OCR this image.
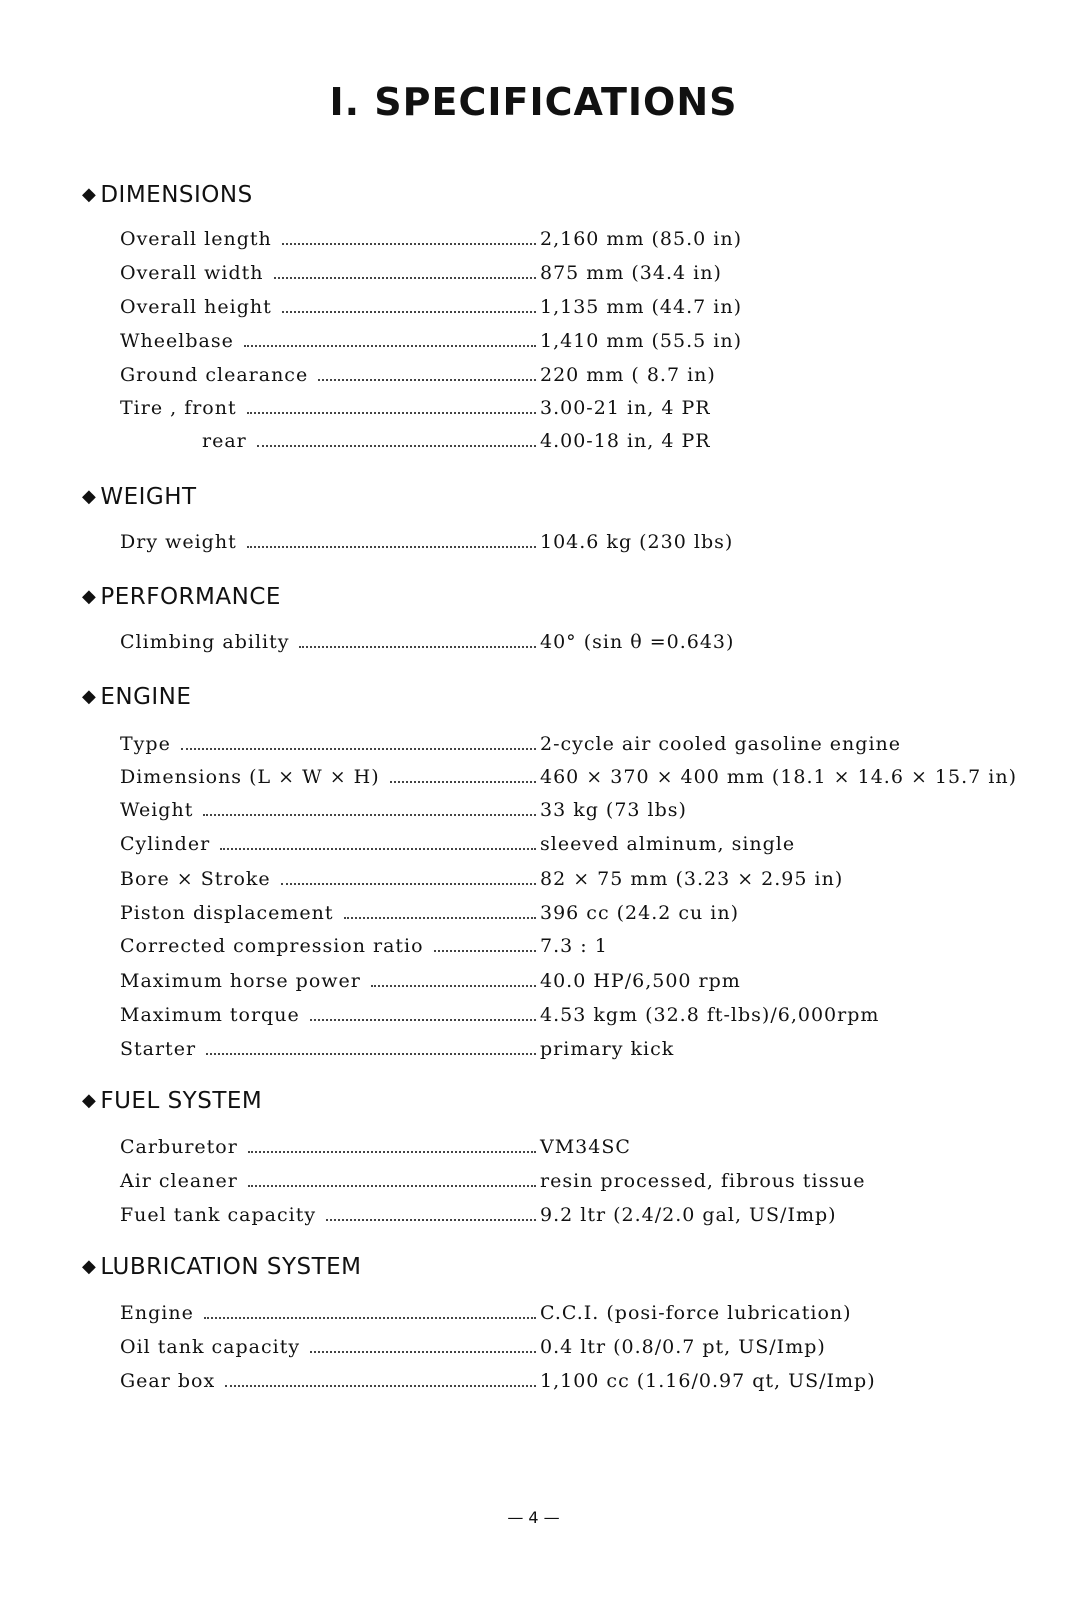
I. SPECIFICATIONS
◆ DIMENSIONS
Overall length	2,160 mm (85.0 in)
Overall width	875 mm (34.4 in)
Overall height	1,135 mm (44.7 in)
Wheelbase	1,410 mm (55.5 in)
Ground clearance	220 mm ( 8.7 in)
Tire , front	3.00-21 in, 4 PR
rear	4.00-18 in, 4 PR
◆ WEIGHT
Dry weight	104.6 kg (230 lbs)
◆ PERFORMANCE
Climbing ability	40° (sin θ =0.643)
◆ ENGINE
Type	2-cycle air cooled gasoline engine
Dimensions (L × W × H)	460 × 370 × 400 mm (18.1 × 14.6 × 15.7 in)
Weight	33 kg (73 lbs)
Cylinder	sleeved alminum, single
Bore × Stroke	82 × 75 mm (3.23 × 2.95 in)
Piston displacement	396 cc (24.2 cu in)
Corrected compression ratio	7.3 : 1
Maximum horse power	40.0 HP/6,500 rpm
Maximum torque	4.53 kgm (32.8 ft-lbs)/6,000rpm
Starter	primary kick
◆ FUEL SYSTEM
Carburetor	VM34SC
Air cleaner	resin processed, fibrous tissue
Fuel tank capacity	9.2 ltr (2.4/2.0 gal, US/Imp)
◆ LUBRICATION SYSTEM
Engine	C.C.I. (posi-force lubrication)
Oil tank capacity	0.4 ltr (0.8/0.7 pt, US/Imp)
Gear box	1,100 cc (1.16/0.97 qt, US/Imp)
— 4 —
